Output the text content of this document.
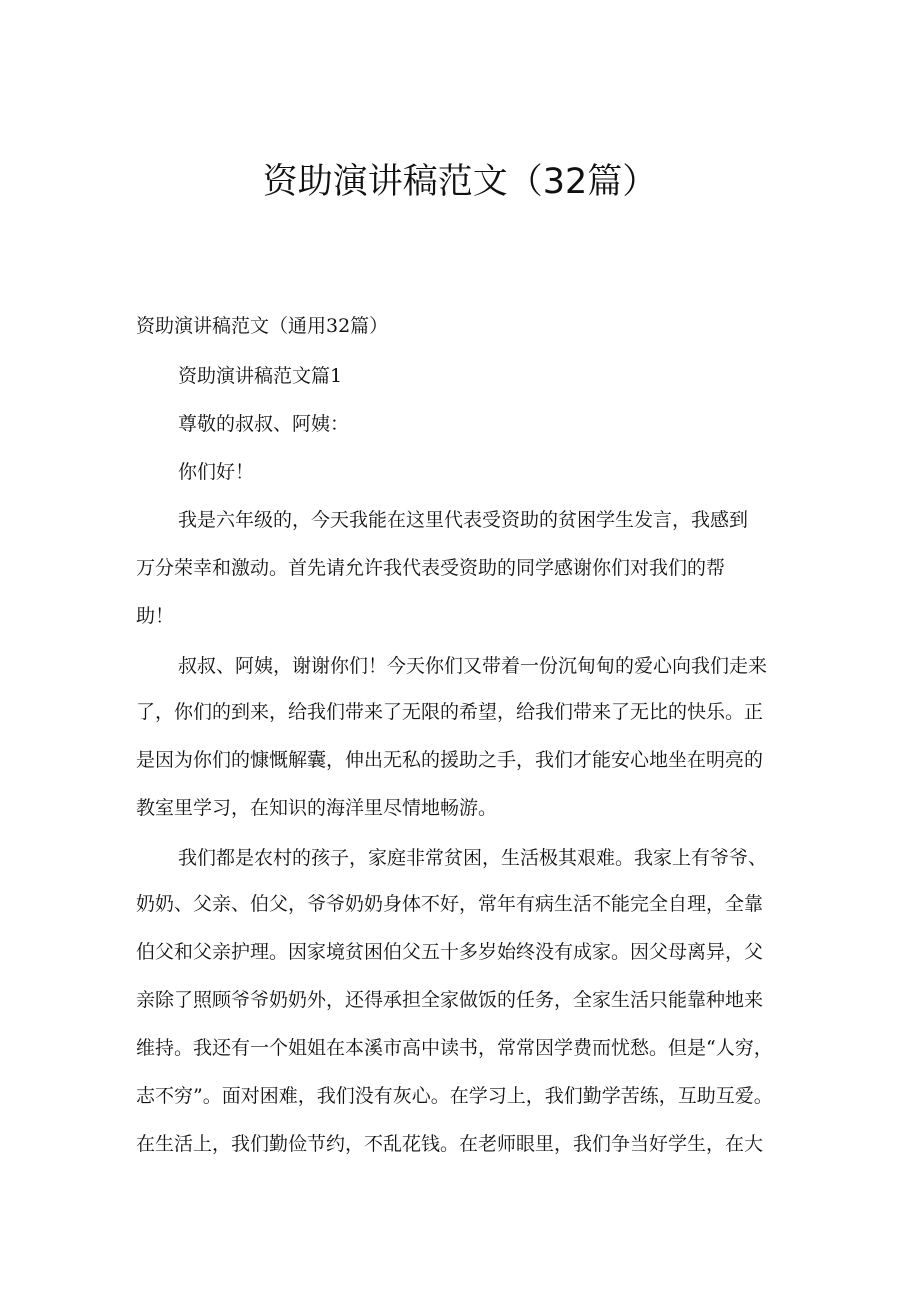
资助演讲稿范文（32篇）

资助演讲稿范文（通用32篇）

资助演讲稿范文篇1

尊敬的叔叔、阿姨：

你们好！

我是六年级的，今天我能在这里代表受资助的贫困学生发言，我感到

万分荣幸和激动。首先请允许我代表受资助的同学感谢你们对我们的帮

助！

叔叔、阿姨，谢谢你们！今天你们又带着一份沉甸甸的爱心向我们走来

了，你们的到来，给我们带来了无限的希望，给我们带来了无比的快乐。正

是因为你们的慷慨解囊，伸出无私的援助之手，我们才能安心地坐在明亮的

教室里学习，在知识的海洋里尽情地畅游。

我们都是农村的孩子，家庭非常贫困，生活极其艰难。我家上有爷爷、

奶奶、父亲、伯父，爷爷奶奶身体不好，常年有病生活不能完全自理，全靠

伯父和父亲护理。因家境贫困伯父五十多岁始终没有成家。因父母离异，父

亲除了照顾爷爷奶奶外，还得承担全家做饭的任务，全家生活只能靠种地来

维持。我还有一个姐姐在本溪市高中读书，常常因学费而忧愁。但是“人穷，

志不穷”。面对困难，我们没有灰心。在学习上，我们勤学苦练，互助互爱。

在生活上，我们勤俭节约，不乱花钱。在老师眼里，我们争当好学生，在大
